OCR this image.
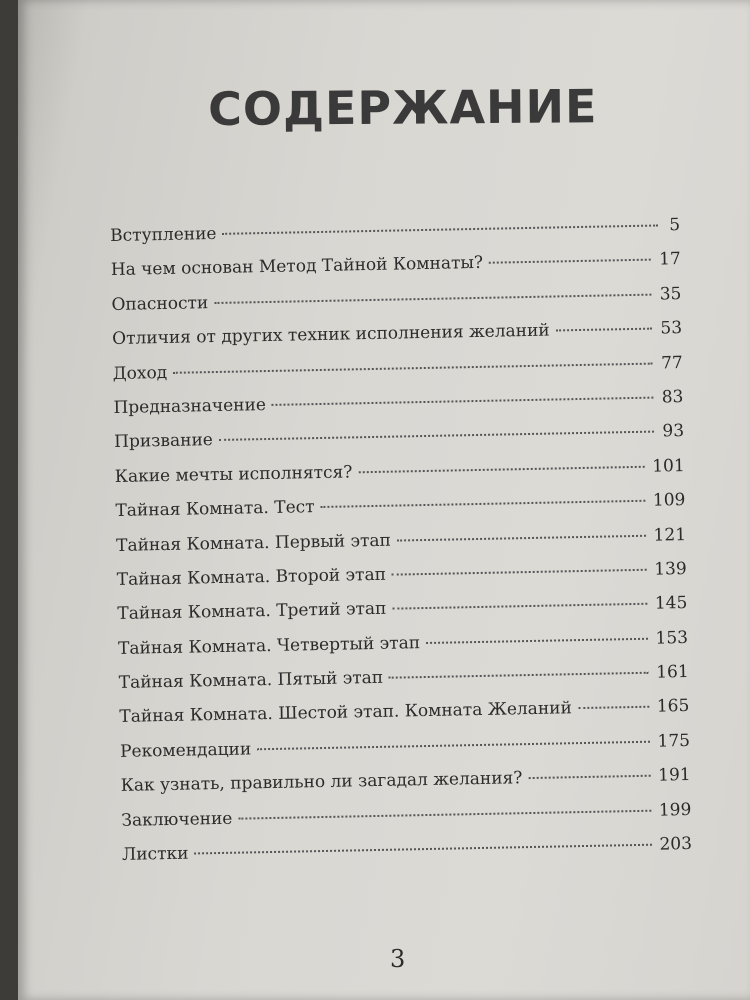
СОДЕРЖАНИЕ
Вступление	5
На чем основан Метод Тайной Комнаты?	17
Опасности	35
Отличия от других техник исполнения желаний	53
Доход	77
Предназначение	83
Призвание	93
Какие мечты исполнятся?	101
Тайная Комната. Тест	109
Тайная Комната. Первый этап	121
Тайная Комната. Второй этап	139
Тайная Комната. Третий этап	145
Тайная Комната. Четвертый этап	153
Тайная Комната. Пятый этап	161
Тайная Комната. Шестой этап. Комната Желаний	165
Рекомендации	175
Как узнать, правильно ли загадал желания?	191
Заключение	199
Листки	203
3
